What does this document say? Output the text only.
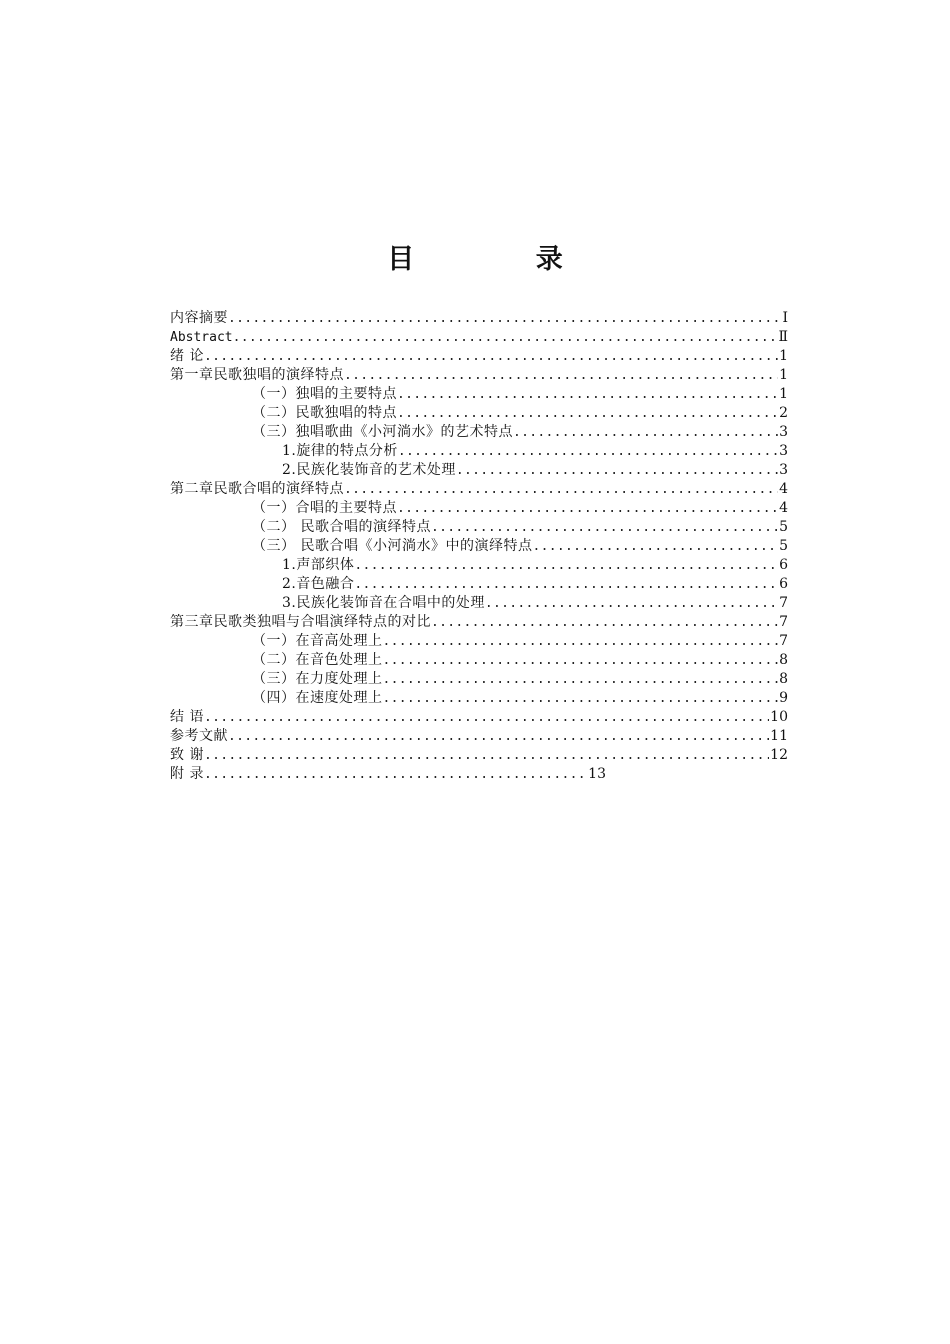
目 录
内容摘要 .....	Ⅰ
Abstract .....	Ⅱ
绪 论 .....	1
第一章民歌独唱的演绎特点 .....	1
（一）独唱的主要特点 .....	1
（二）民歌独唱的特点 .....	2
（三）独唱歌曲《小河淌水》的艺术特点 .....	3
1.旋律的特点分析 .....	3
2.民族化装饰音的艺术处理 .....	3
第二章民歌合唱的演绎特点 .....	4
（一）合唱的主要特点 .....	4
（二） 民歌合唱的演绎特点 .....	5
（三） 民歌合唱《小河淌水》中的演绎特点 .....	5
1.声部织体 .....	6
2.音色融合 .....	6
3.民族化装饰音在合唱中的处理 .....	7
第三章民歌类独唱与合唱演绎特点的对比 .....	7
（一）在音高处理上 .....	7
（二）在音色处理上 .....	8
（三）在力度处理上 .....	8
（四）在速度处理上 .....	9
结 语 .....	10
参考文献 .....	11
致 谢 .....	12
附 录 .....	13
